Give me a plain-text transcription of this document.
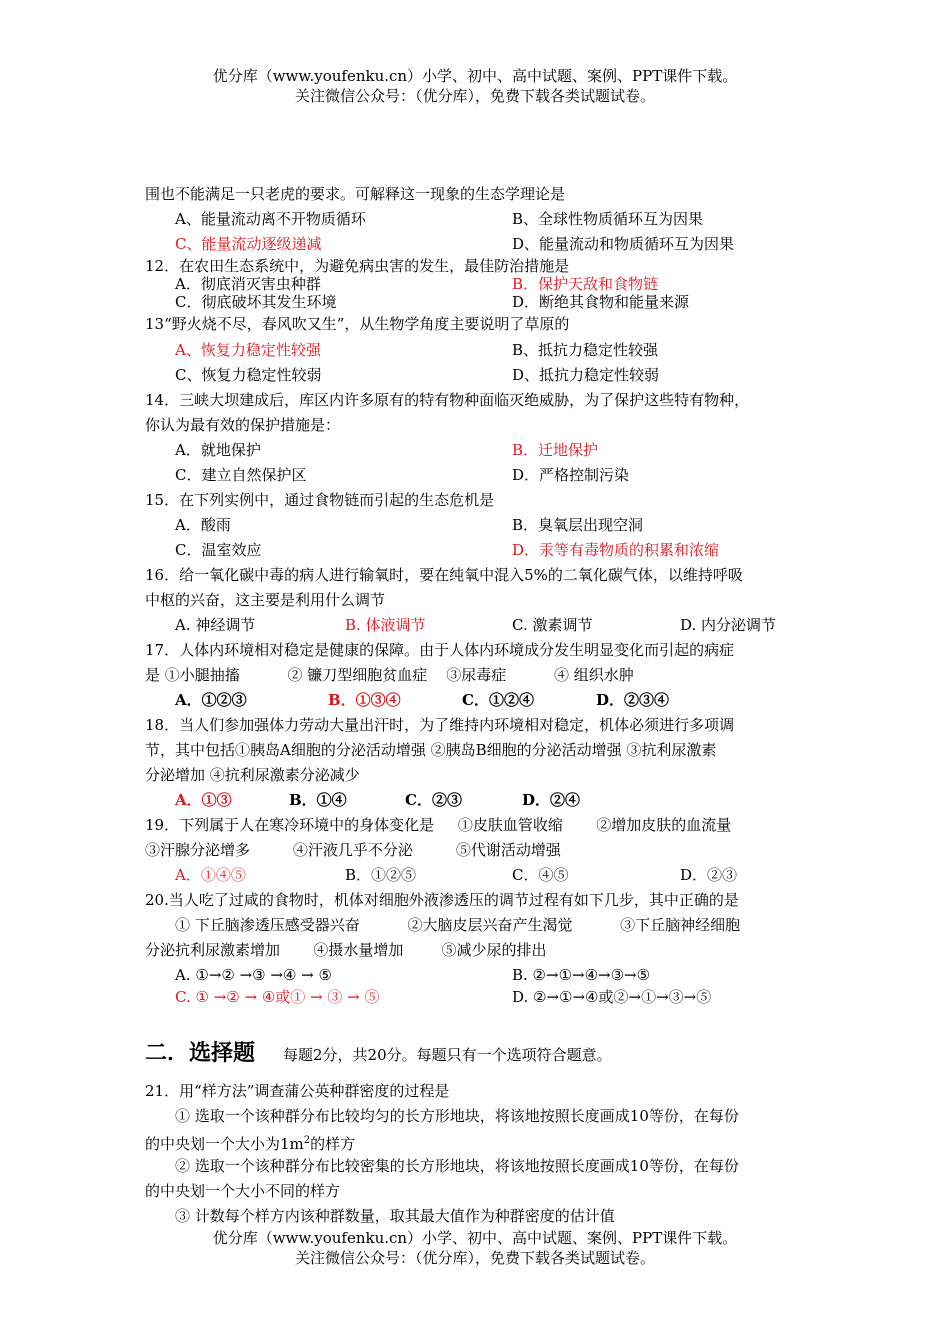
优分库（www.youfenku.cn）小学、初中、高中试题、案例、PPT课件下载。
关注微信公众号：（优分库），免费下载各类试题试卷。
围也不能满足一只老虎的要求。可解释这一现象的生态学理论是
A、能量流动离不开物质循环	B、全球性物质循环互为因果
C、能量流动逐级递减	D、能量流动和物质循环互为因果
12．在农田生态系统中，为避免病虫害的发生，最佳防治措施是
A．彻底消灭害虫种群	B．保护天敌和食物链
C．彻底破坏其发生环境	D．断绝其食物和能量来源
13“野火烧不尽，春风吹又生”，从生物学角度主要说明了草原的
A、恢复力稳定性较强	B、抵抗力稳定性较强
C、恢复力稳定性较弱	D、抵抗力稳定性较弱
14．三峡大坝建成后，库区内许多原有的特有物种面临灭绝威胁，为了保护这些特有物种，
你认为最有效的保护措施是：
A．就地保护	B．迁地保护
C．建立自然保护区	D．严格控制污染
15．在下列实例中，通过食物链而引起的生态危机是
A．酸雨	B．臭氧层出现空洞
C．温室效应	D．汞等有毒物质的积累和浓缩
16．给一氧化碳中毒的病人进行输氧时，要在纯氧中混入5%的二氧化碳气体，以维持呼吸
中枢的兴奋，这主要是利用什么调节
A. 神经调节	B. 体液调节	C. 激素调节	D. 内分泌调节
17．人体内环境相对稳定是健康的保障。由于人体内环境成分发生明显变化而引起的病症
是 ①小腿抽搐          ② 镰刀型细胞贫血症    ③尿毒症          ④ 组织水肿
A．①②③	B．①③④	C．①②④	D．②③④
18．当人们参加强体力劳动大量出汗时，为了维持内环境相对稳定，机体必须进行多项调
节，其中包括①胰岛A细胞的分泌活动增强 ②胰岛B细胞的分泌活动增强 ③抗利尿激素
分泌增加 ④抗利尿激素分泌减少
A．①③	B．①④	C．②③	D．②④
19．下列属于人在寒冷环境中的身体变化是     ①皮肤血管收缩       ②增加皮肤的血流量
③汗腺分泌增多         ④汗液几乎不分泌         ⑤代谢活动增强
A．①④⑤	B．①②⑤	C．④⑤	D．②③
20.当人吃了过咸的食物时，机体对细胞外液渗透压的调节过程有如下几步，其中正确的是
① 下丘脑渗透压感受器兴奋          ②大脑皮层兴奋产生渴觉          ③下丘脑神经细胞
分泌抗利尿激素增加       ④摄水量增加        ⑤减少尿的排出
A. ①→② →③ →④ → ⑤	B. ②→①→④→③→⑤
C. ① →② → ④或① → ③ → ⑤	D. ②→①→④或②→①→③→⑤
二．选择题 每题2分，共20分。每题只有一个选项符合题意。
21．用“样方法”调查蒲公英种群密度的过程是
① 选取一个该种群分布比较均匀的长方形地块，将该地按照长度画成10等份，在每份
的中央划一个大小为$1m^2$的样方
② 选取一个该种群分布比较密集的长方形地块，将该地按照长度画成10等份，在每份
的中央划一个大小不同的样方
③ 计数每个样方内该种群数量，取其最大值作为种群密度的估计值
优分库（www.youfenku.cn）小学、初中、高中试题、案例、PPT课件下载。
关注微信公众号：（优分库），免费下载各类试题试卷。
